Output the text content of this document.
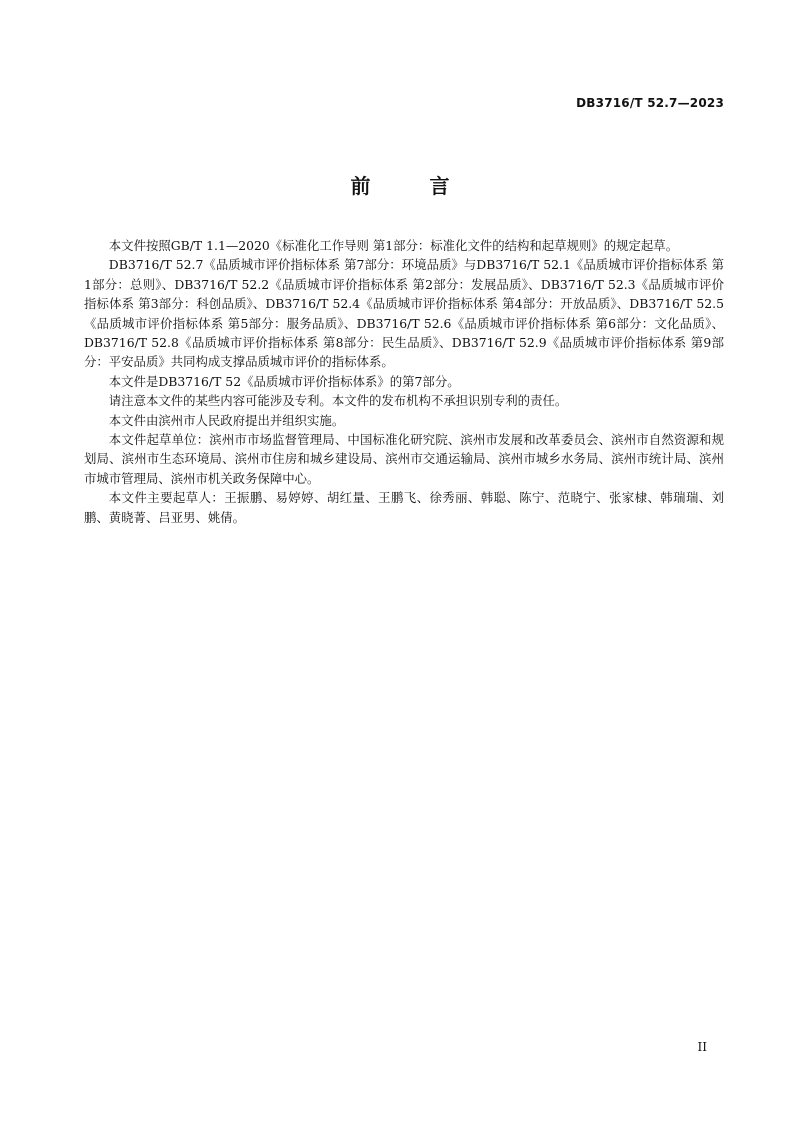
DB3716/T 52.7—2023
前 言

本文件按照GB/T 1.1—2020《标准化工作导则 第1部分：标准化文件的结构和起草规则》的规定起草。

DB3716/T 52.7《品质城市评价指标体系 第7部分：环境品质》与DB3716/T 52.1《品质城市评价指标体系 第1部分：总则》、DB3716/T 52.2《品质城市评价指标体系 第2部分：发展品质》、DB3716/T 52.3《品质城市评价指标体系 第3部分：科创品质》、DB3716/T 52.4《品质城市评价指标体系 第4部分：开放品质》、DB3716/T 52.5《品质城市评价指标体系 第5部分：服务品质》、DB3716/T 52.6《品质城市评价指标体系 第6部分：文化品质》、DB3716/T 52.8《品质城市评价指标体系 第8部分：民生品质》、DB3716/T 52.9《品质城市评价指标体系 第9部分：平安品质》共同构成支撑品质城市评价的指标体系。

本文件是DB3716/T 52《品质城市评价指标体系》的第7部分。

请注意本文件的某些内容可能涉及专利。本文件的发布机构不承担识别专利的责任。

本文件由滨州市人民政府提出并组织实施。

本文件起草单位：滨州市市场监督管理局、中国标准化研究院、滨州市发展和改革委员会、滨州市自然资源和规划局、滨州市生态环境局、滨州市住房和城乡建设局、滨州市交通运输局、滨州市城乡水务局、滨州市统计局、滨州市城市管理局、滨州市机关政务保障中心。

本文件主要起草人：王振鹏、易婷婷、胡红量、王鹏飞、徐秀丽、韩聪、陈宁、范晓宁、张家棣、韩瑞瑞、刘鹏、黄晓菁、吕亚男、姚倩。

II
